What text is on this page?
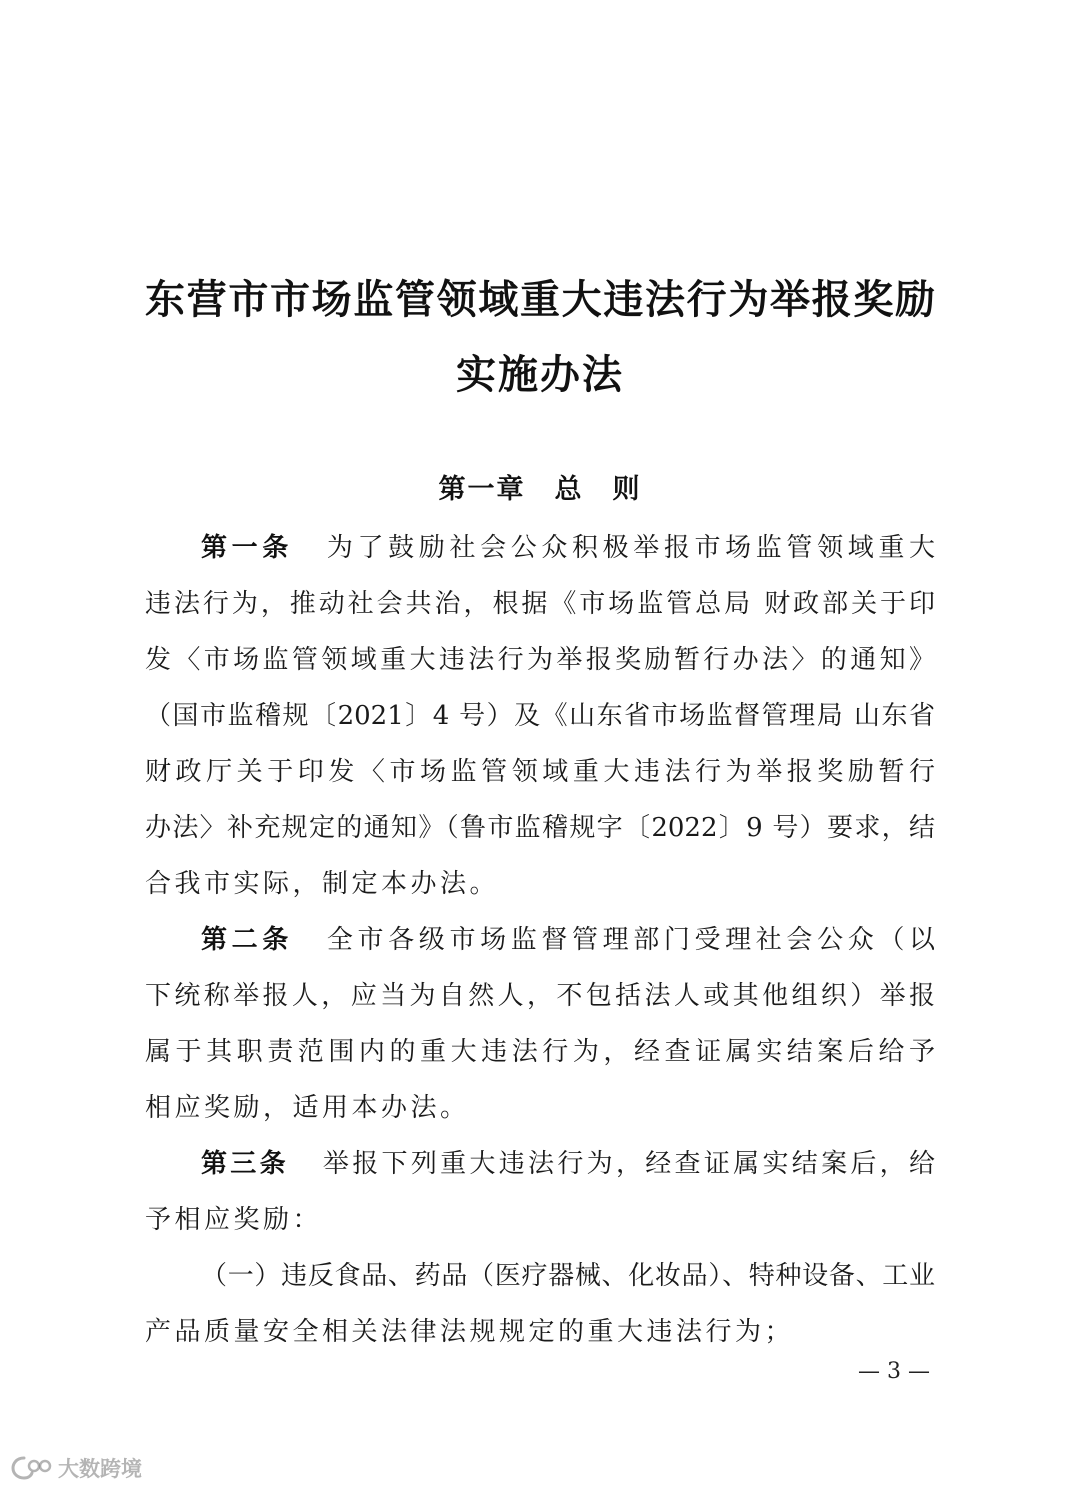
东营市市场监管领域重大违法行为举报奖励
实施办法
第一章　总　则
第一条 为了鼓励社会公众积极举报市场监管领域重大
违法行为，推动社会共治，根据《市场监管总局 财政部关于印
发〈市场监管领域重大违法行为举报奖励暂行办法〉的通知》
（国市监稽规〔2021〕4 号）及《山东省市场监督管理局 山东省
财政厅关于印发〈市场监管领域重大违法行为举报奖励暂行
办法〉补充规定的通知》（鲁市监稽规字〔2022〕9 号）要求，结
合我市实际，制定本办法。
第二条 全市各级市场监督管理部门受理社会公众（以
下统称举报人，应当为自然人，不包括法人或其他组织）举报
属于其职责范围内的重大违法行为，经查证属实结案后给予
相应奖励，适用本办法。
第三条 举报下列重大违法行为，经查证属实结案后，给
予相应奖励：
（一）违反食品、药品（医疗器械、化妆品）、特种设备、工业
产品质量安全相关法律法规规定的重大违法行为；
— 3 —
大数跨境
